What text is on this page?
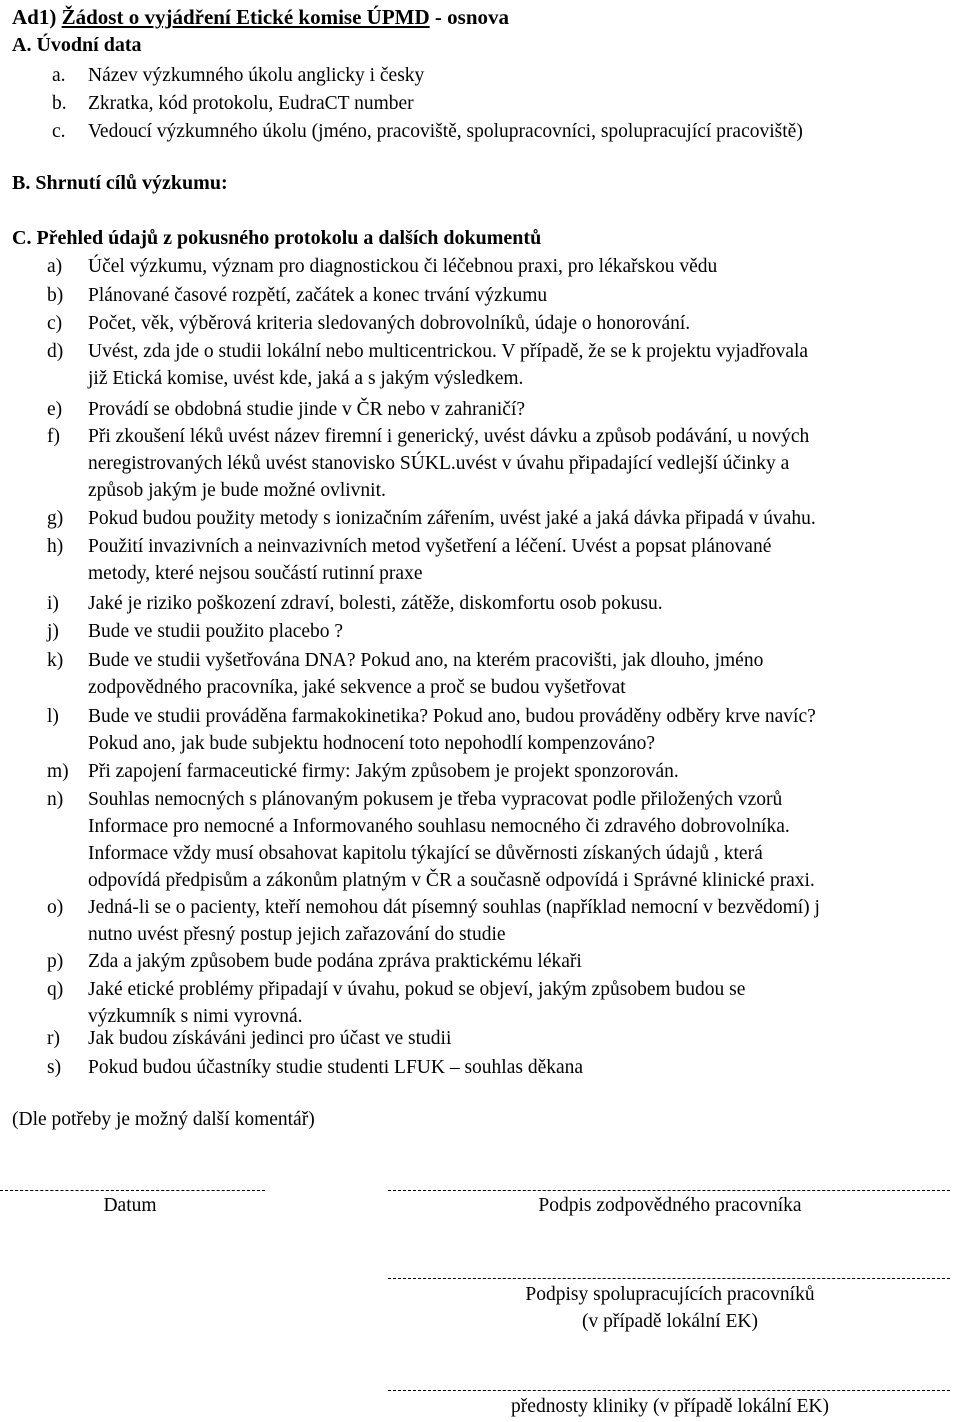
Ad1) Žádost o vyjádření Etické komise ÚPMD - osnova
A. Úvodní data
a. Název výzkumného úkolu anglicky i česky
b. Zkratka, kód protokolu, EudraCT number
c. Vedoucí výzkumného úkolu (jméno, pracoviště, spolupracovníci, spolupracující pracoviště)
B. Shrnutí cílů výzkumu:
C. Přehled údajů z pokusného protokolu a dalších dokumentů
a)	Účel výzkumu, význam pro diagnostickou či léčebnou praxi, pro lékařskou vědu
b)	Plánované časové rozpětí, začátek a konec trvání výzkumu
c)	Počet, věk, výběrová kriteria sledovaných dobrovolníků, údaje o honorování.
d)	Uvést, zda jde o studii lokální nebo multicentrickou. V případě, že se k projektu vyjadřovala
již Etická komise, uvést kde, jaká a s jakým výsledkem.
e)	Provádí se obdobná studie jinde v ČR nebo v zahraničí?
f)	Při zkoušení léků uvést název firemní i generický, uvést dávku a způsob podávání, u nových
neregistrovaných léků uvést stanovisko SÚKL.uvést v úvahu připadající vedlejší účinky a
způsob jakým je bude možné ovlivnit.
g)	Pokud budou použity metody s ionizačním zářením, uvést jaké a jaká dávka připadá v úvahu.
h)	Použití invazivních a neinvazivních metod vyšetření a léčení. Uvést a popsat plánované
metody, které nejsou součástí rutinní praxe
i)	Jaké je riziko poškození zdraví, bolesti, zátěže, diskomfortu osob pokusu.
j)	Bude ve studii použito placebo ?
k)	Bude ve studii vyšetřována DNA? Pokud ano, na kterém pracovišti, jak dlouho, jméno
zodpovědného pracovníka, jaké sekvence a proč se budou vyšetřovat
l)	Bude ve studii prováděna farmakokinetika? Pokud ano, budou prováděny odběry krve navíc?
Pokud ano, jak bude subjektu hodnocení toto nepohodlí kompenzováno?
m) Při zapojení farmaceutické firmy: Jakým způsobem je projekt sponzorován.
n)	Souhlas nemocných s plánovaným pokusem je třeba vypracovat podle přiložených vzorů
Informace pro nemocné a Informovaného souhlasu nemocného či zdravého dobrovolníka.
Informace vždy musí obsahovat kapitolu týkající se důvěrnosti získaných údajů , která
odpovídá předpisům a zákonům platným v ČR a současně odpovídá i Správné klinické praxi.
o)	Jedná-li se o pacienty, kteří nemohou dát písemný souhlas (například nemocní v bezvědomí) j
nutno uvést přesný postup jejich zařazování do studie
p)	Zda a jakým způsobem bude podána zpráva praktickému lékaři
q)	Jaké etické problémy připadají v úvahu, pokud se objeví, jakým způsobem budou se
výzkumník s nimi vyrovná.
r)	Jak budou získáváni jedinci pro účast ve studii
s)	Pokud budou účastníky studie studenti LFUK – souhlas děkana
(Dle potřeby je možný další komentář)
Datum	Podpis zodpovědného pracovníka
Podpisy spolupracujících pracovníků
(v případě lokální EK)
přednosty kliniky (v případě lokální EK)
